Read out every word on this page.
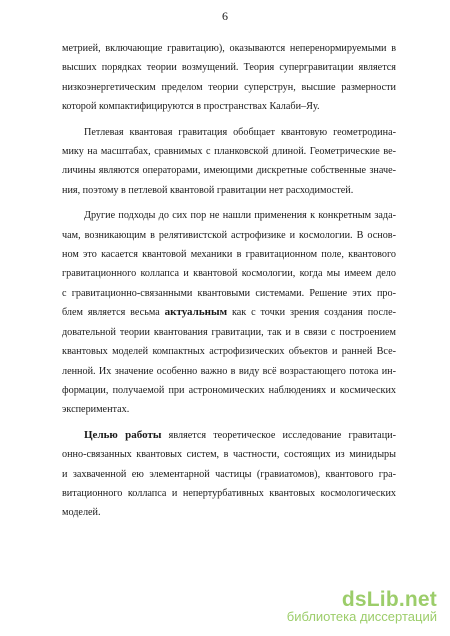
6
метрией, включающие гравитацию), оказываются неперенормируемыми в
высших порядках теории возмущений. Теория супергравитации является
низкоэнергетическим пределом теории суперструн, высшие размерности
которой компактифицируются в пространствах Калаби–Яу.
Петлевая квантовая гравитация обобщает квантовую геометродина-
мику на масштабах, сравнимых с планковской длиной. Геометрические ве-
личины являются операторами, имеющими дискретные собственные значе-
ния, поэтому в петлевой квантовой гравитации нет расходимостей.
Другие подходы до сих пор не нашли применения к конкретным зада-
чам, возникающим в релятивистской астрофизике и космологии. В основ-
ном это касается квантовой механики в гравитационном поле, квантового
гравитационного коллапса и квантовой космологии, когда мы имеем дело
с гравитационно-связанными квантовыми системами. Решение этих про-
блем является весьма актуальным как с точки зрения создания после-
довательной теории квантования гравитации, так и в связи с построением
квантовых моделей компактных астрофизических объектов и ранней Все-
ленной. Их значение особенно важно в виду всё возрастающего потока ин-
формации, получаемой при астрономических наблюдениях и космических
экспериментах.
Целью работы является теоретическое исследование гравитаци-
онно-связанных квантовых систем, в частности, состоящих из минидыры
и захваченной ею элементарной частицы (гравиатомов), квантового гра-
витационного коллапса и непертурбативных квантовых космологических
моделей.
dsLib.net
библиотека диссертаций
